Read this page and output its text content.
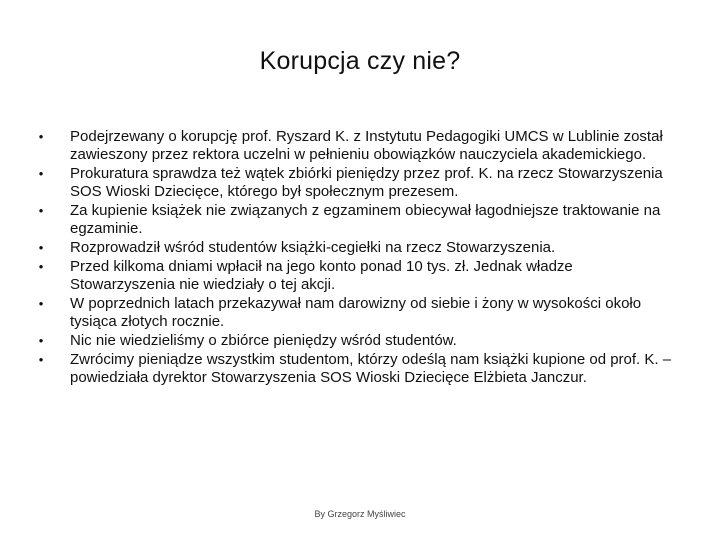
Korupcja czy nie?
• Podejrzewany o korupcję prof. Ryszard K. z Instytutu Pedagogiki UMCS w Lublinie został zawieszony przez rektora uczelni w pełnieniu obowiązków nauczyciela akademickiego.
• Prokuratura sprawdza też wątek zbiórki pieniędzy przez prof. K. na rzecz Stowarzyszenia SOS Wioski Dziecięce, którego był społecznym prezesem.
• Za kupienie książek nie związanych z egzaminem obiecywał łagodniejsze traktowanie na egzaminie.
• Rozprowadził wśród studentów książki-cegiełki na rzecz Stowarzyszenia.
• Przed kilkoma dniami wpłacił na jego konto ponad 10 tys. zł. Jednak władze Stowarzyszenia nie wiedziały o tej akcji.
• W poprzednich latach przekazywał nam darowizny od siebie i żony w wysokości około tysiąca złotych rocznie.
• Nic nie wiedzieliśmy o zbiórce pieniędzy wśród studentów.
• Zwrócimy pieniądze wszystkim studentom, którzy odeślą nam książki kupione od prof. K. – powiedziała dyrektor Stowarzyszenia SOS Wioski Dziecięce Elżbieta Janczur.
By Grzegorz Myśliwiec
